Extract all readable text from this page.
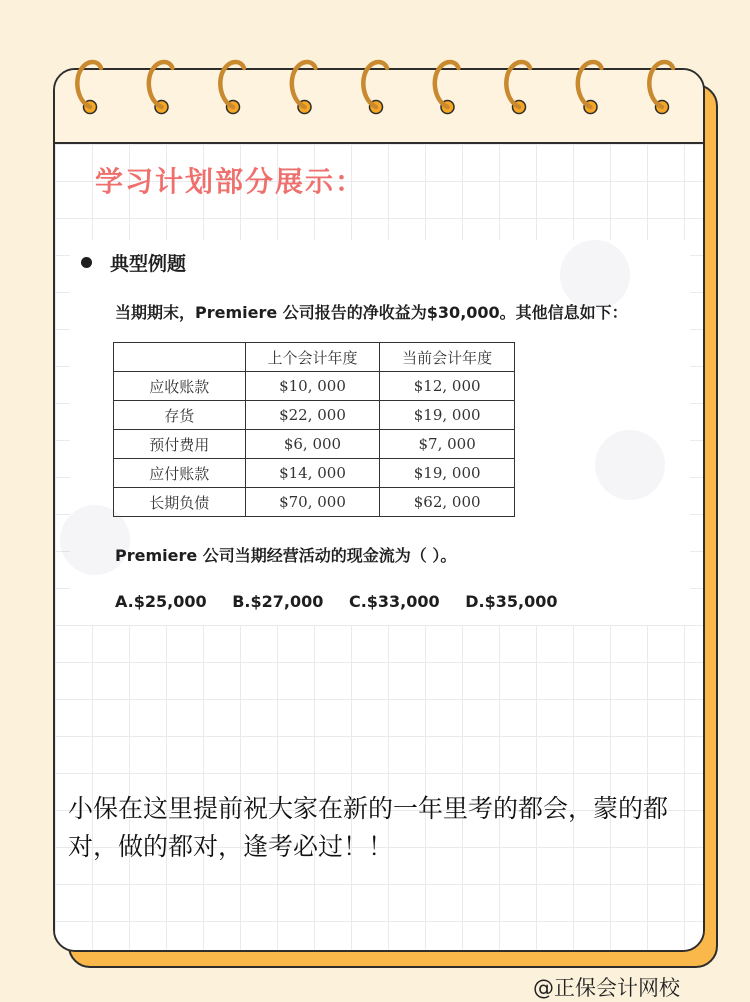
学习计划部分展示：
典型例题
当期期末，Premiere 公司报告的净收益为$30,000。其他信息如下：
	上个会计年度	当前会计年度
应收账款	$10, 000	$12, 000
存货	$22, 000	$19, 000
预付费用	$6, 000	$7, 000
应付账款	$14, 000	$19, 000
长期负债	$70, 000	$62, 000
Premiere 公司当期经营活动的现金流为（ ）。
A.$25,000 B.$27,000 C.$33,000 D.$35,000

小保在这里提前祝大家在新的一年里考的都会，蒙的都对，做的都对，逢考必过！！

@正保会计网校
